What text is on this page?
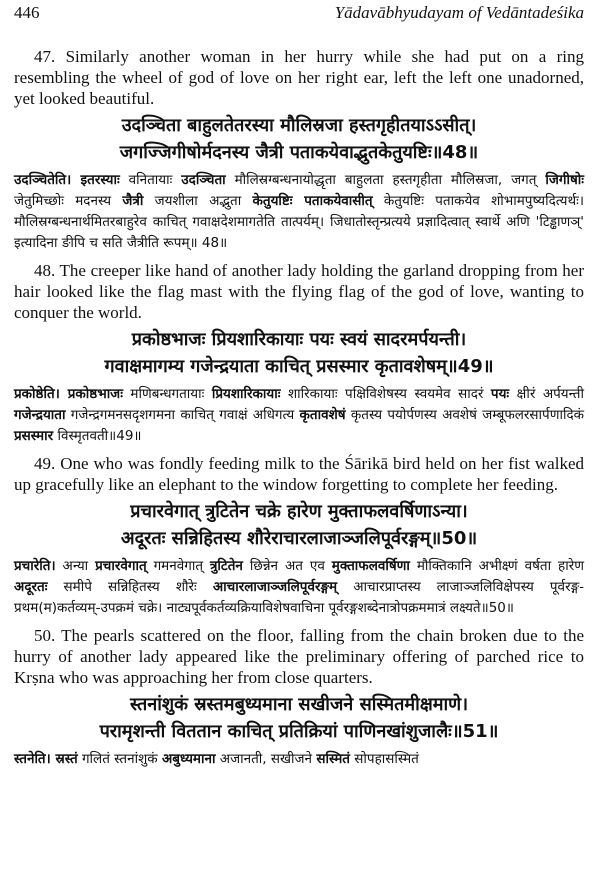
446	Yādavābhyudayam of Vedāntadeśika

47. Similarly another woman in her hurry while she had put on a ring resembling the wheel of god of love on her right ear, left the left one unadorned, yet looked beautiful.

उदञ्चिता बाहुलतेतरस्या मौलिस्रजा हस्तगृहीतयाऽऽसीत्।
जगज्जिगीषोर्मदनस्य जैत्री पताकयेवाद्भुतकेतुयष्टिः॥48॥
उदञ्चितेति। इतरस्याः वनितायाः उदञ्चिता मौलिस्रग्बन्धनायोद्धृता बाहुलता हस्तगृहीता मौलिस्रजा, जगत् जिगीषोः जेतुमिच्छोः मदनस्य जैत्री जयशीला अद्भुता केतुयष्टिः पताकयेवासीत् केतुयष्टिः पताकयेव शोभामपुष्यदित्यर्थः। मौलिस्रग्बन्धनार्थमितरबाहुरेव काचित् गवाक्षदेशमागतेति तात्पर्यम्। जिधातोस्तृन्प्रत्यये प्रज्ञादित्वात् स्वार्थे अणि 'टिड्ढाणञ्' इत्यादिना ङीपि च सति जैत्रीति रूपम्॥ 48॥

48. The creeper like hand of another lady holding the garland dropping from her hair looked like the flag mast with the flying flag of the god of love, wanting to conquer the world.

प्रकोष्ठभाजः प्रियशारिकायाः पयः स्वयं सादरमर्पयन्ती।
गवाक्षमागम्य गजेन्द्रयाता काचित् प्रसस्मार कृतावशेषम्॥49॥
प्रकोष्ठेति। प्रकोष्ठभाजः मणिबन्धगतायाः प्रियशारिकायाः शारिकायाः पक्षिविशेषस्य स्वयमेव सादरं पयः क्षीरं अर्पयन्ती गजेन्द्रयाता गजेन्द्रगमनसदृशगमना काचित् गवाक्षं अधिगत्य कृतावशेषं कृतस्य पयोर्पणस्य अवशेषं जम्बूफलरसार्पणादिकं प्रसस्मार विस्मृतवती॥49॥

49. One who was fondly feeding milk to the Śārikā bird held on her fist walked up gracefully like an elephant to the window forgetting to complete her feeding.

प्रचारवेगात् त्रुटितेन चक्रे हारेण मुक्ताफलवर्षिणाऽन्या।
अदूरतः सन्निहितस्य शौरेराचारलाजाञ्जलिपूर्वरङ्गम्॥50॥
प्रचारेति। अन्या प्रचारवेगात् गमनवेगात् त्रुटितेन छिन्नेन अत एव मुक्ताफलवर्षिणा मौक्तिकानि अभीक्ष्णं वर्षता हारेण अदूरतः समीपे सन्निहितस्य शौरेः आचारलाजाञ्जलिपूर्वरङ्गम् आचारप्राप्तस्य लाजाञ्जलिविक्षेपस्य पूर्वरङ्ग-प्रथम(म)कर्तव्यम्-उपक्रमं चक्रे। नाट्यपूर्वकर्तव्यक्रियाविशेषवाचिना पूर्वरङ्गशब्देनात्रोपक्रममात्रं लक्ष्यते॥50॥

50. The pearls scattered on the floor, falling from the chain broken due to the hurry of another lady appeared like the preliminary offering of parched rice to Krṣna who was approaching her from close quarters.

स्तनांशुकं स्रस्तमबुध्यमाना सखीजने सस्मितमीक्षमाणे।
परामृशन्ती विततान काचित् प्रतिक्रियां पाणिनखांशुजालैः॥51॥
स्तनेति। स्रस्तं गलितं स्तनांशुकं अबुध्यमाना अजानती, सखीजने सस्मितं सोपहासस्मितं
